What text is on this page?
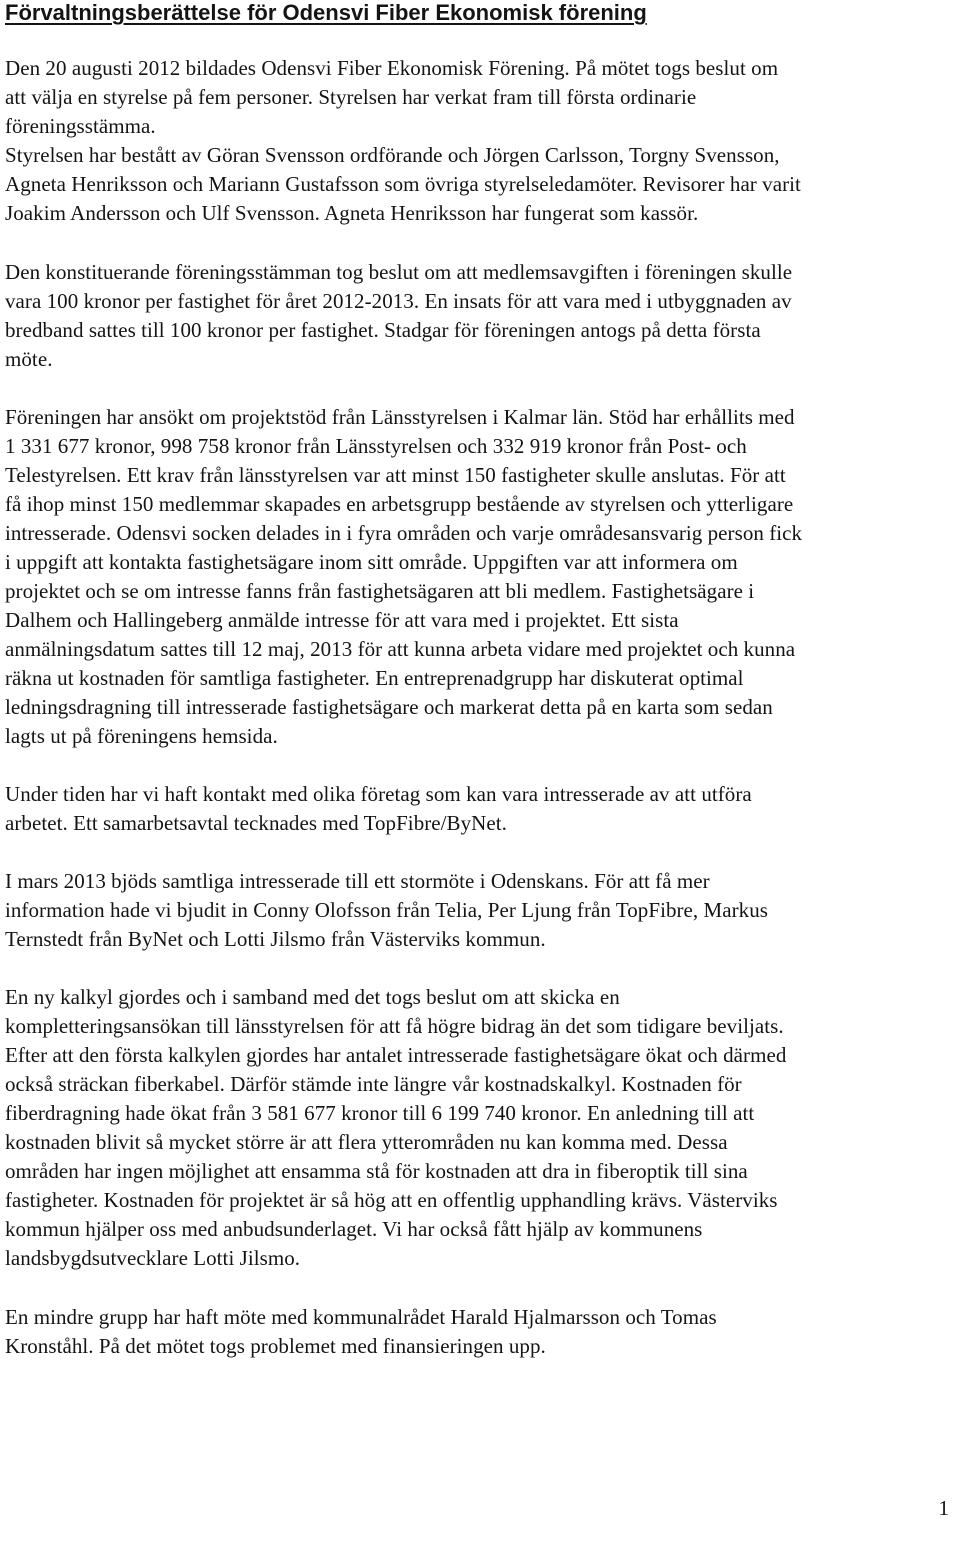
Förvaltningsberättelse för Odensvi Fiber Ekonomisk förening
Den 20 augusti 2012 bildades Odensvi Fiber Ekonomisk Förening. På mötet togs beslut om
att välja en styrelse på fem personer. Styrelsen har verkat fram till första ordinarie
föreningsstämma.
Styrelsen har bestått av Göran Svensson ordförande och Jörgen Carlsson, Torgny Svensson,
Agneta Henriksson och Mariann Gustafsson som övriga styrelseledamöter. Revisorer har varit
Joakim Andersson och Ulf Svensson. Agneta Henriksson har fungerat som kassör.
Den konstituerande föreningsstämman tog beslut om att medlemsavgiften i föreningen skulle
vara 100 kronor per fastighet för året 2012-2013. En insats för att vara med i utbyggnaden av
bredband sattes till 100 kronor per fastighet. Stadgar för föreningen antogs på detta första
möte.
Föreningen har ansökt om projektstöd från Länsstyrelsen i Kalmar län. Stöd har erhållits med
1 331 677 kronor, 998 758 kronor från Länsstyrelsen och 332 919 kronor från Post- och
Telestyrelsen. Ett krav från länsstyrelsen var att minst 150 fastigheter skulle anslutas. För att
få ihop minst 150 medlemmar skapades en arbetsgrupp bestående av styrelsen och ytterligare
intresserade. Odensvi socken delades in i fyra områden och varje områdesansvarig person fick
i uppgift att kontakta fastighetsägare inom sitt område. Uppgiften var att informera om
projektet och se om intresse fanns från fastighetsägaren att bli medlem. Fastighetsägare i
Dalhem och Hallingeberg anmälde intresse för att vara med i projektet. Ett sista
anmälningsdatum sattes till 12 maj, 2013 för att kunna arbeta vidare med projektet och kunna
räkna ut kostnaden för samtliga fastigheter. En entreprenadgrupp har diskuterat optimal
ledningsdragning till intresserade fastighetsägare och markerat detta på en karta som sedan
lagts ut på föreningens hemsida.
Under tiden har vi haft kontakt med olika företag som kan vara intresserade av att utföra
arbetet. Ett samarbetsavtal tecknades med TopFibre/ByNet.
I mars 2013 bjöds samtliga intresserade till ett stormöte i Odenskans. För att få mer
information hade vi bjudit in Conny Olofsson från Telia, Per Ljung från TopFibre, Markus
Ternstedt från ByNet och Lotti Jilsmo från Västerviks kommun.
En ny kalkyl gjordes och i samband med det togs beslut om att skicka en
kompletteringsansökan till länsstyrelsen för att få högre bidrag än det som tidigare beviljats.
Efter att den första kalkylen gjordes har antalet intresserade fastighetsägare ökat och därmed
också sträckan fiberkabel. Därför stämde inte längre vår kostnadskalkyl. Kostnaden för
fiberdragning hade ökat från 3 581 677 kronor till 6 199 740 kronor. En anledning till att
kostnaden blivit så mycket större är att flera ytterområden nu kan komma med. Dessa
områden har ingen möjlighet att ensamma stå för kostnaden att dra in fiberoptik till sina
fastigheter. Kostnaden för projektet är så hög att en offentlig upphandling krävs. Västerviks
kommun hjälper oss med anbudsunderlaget. Vi har också fått hjälp av kommunens
landsbygdsutvecklare Lotti Jilsmo.
En mindre grupp har haft möte med kommunalrådet Harald Hjalmarsson och Tomas
Kronståhl. På det mötet togs problemet med finansieringen upp.
1
